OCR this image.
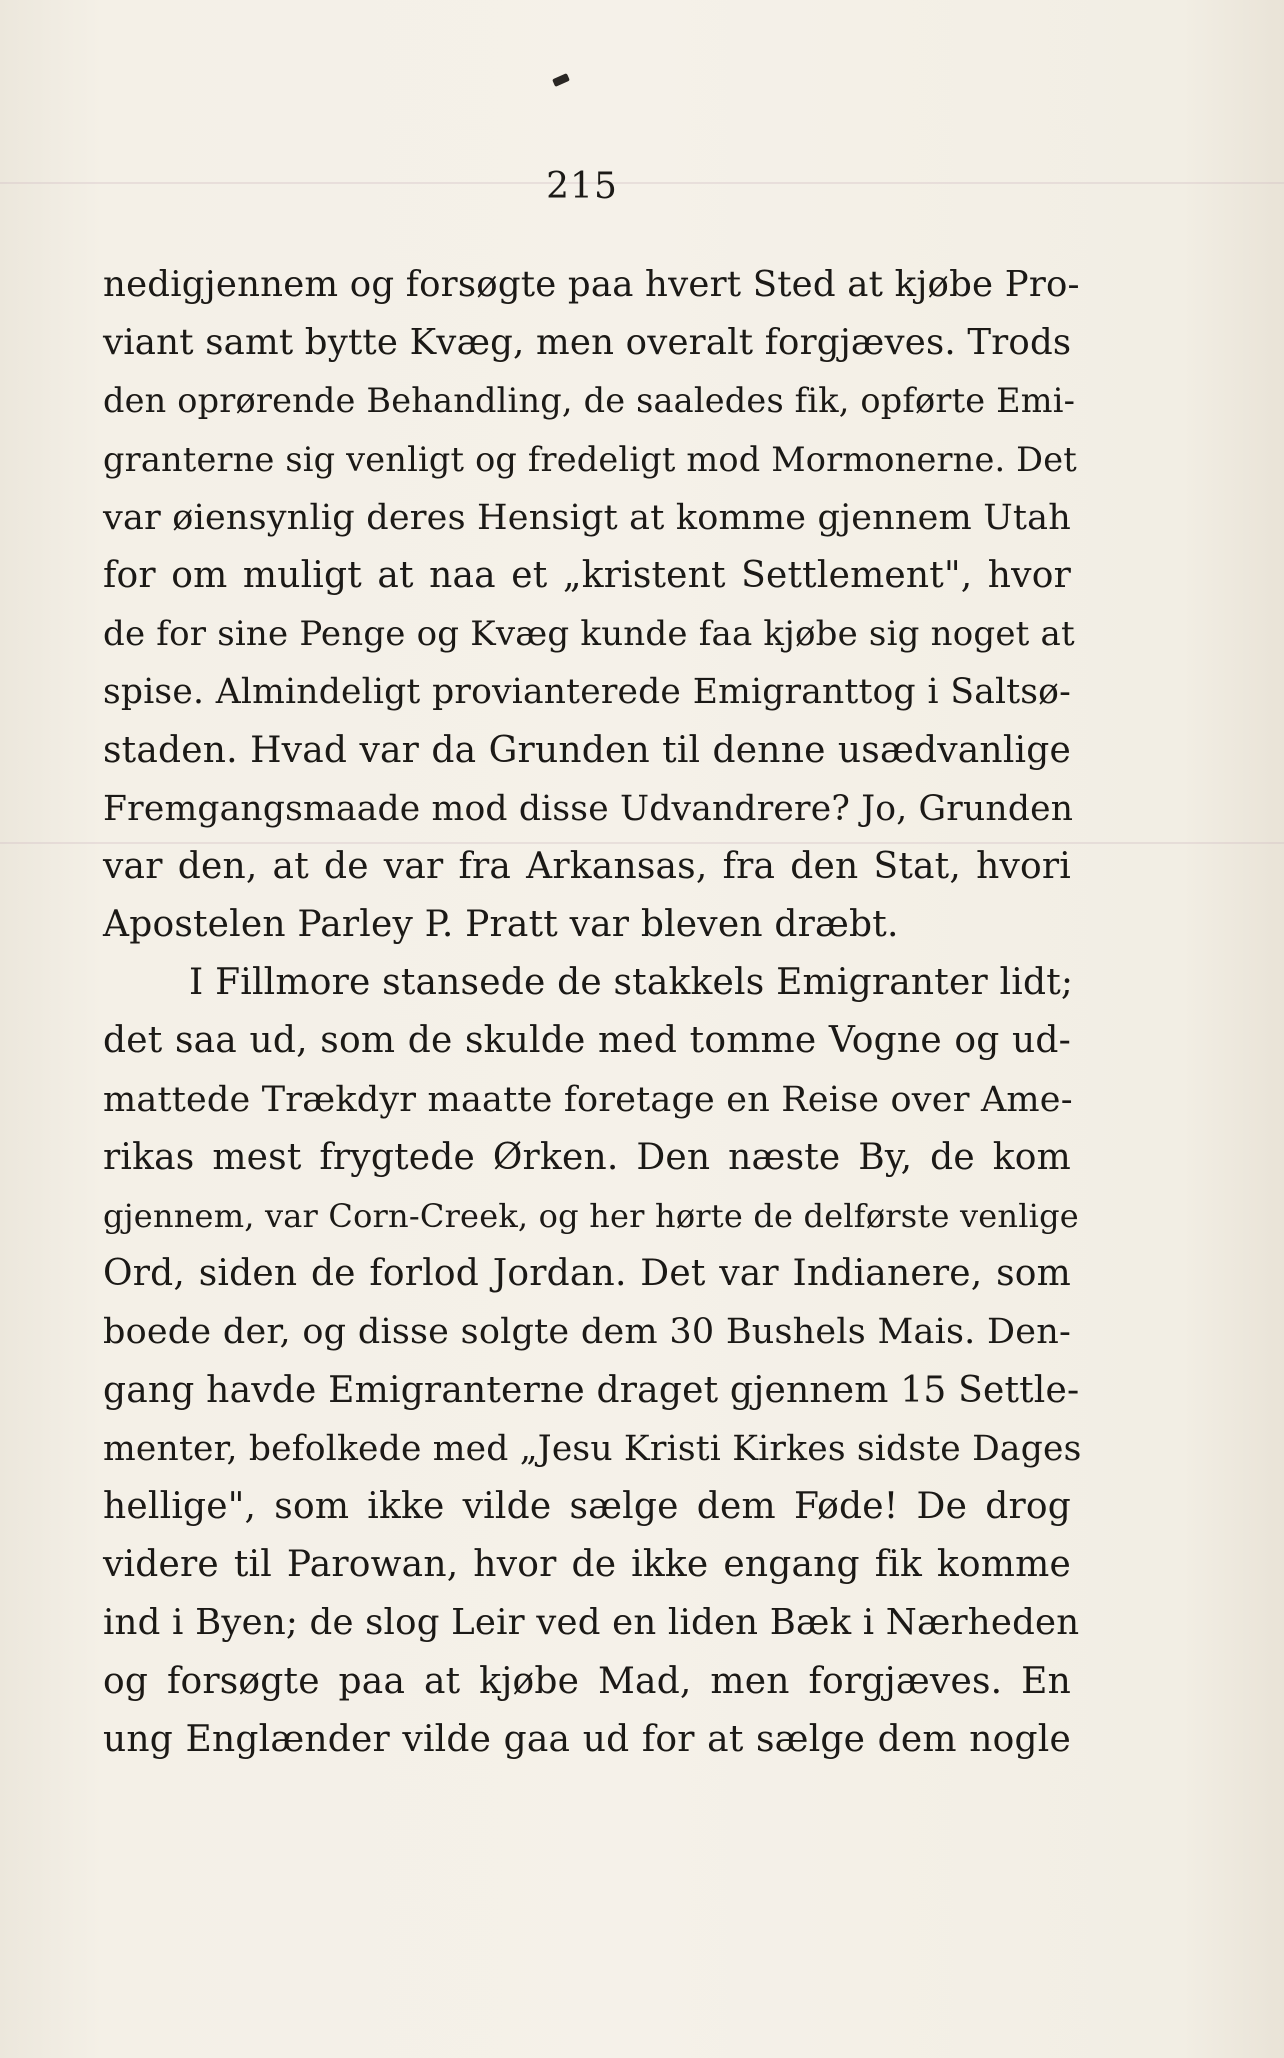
215
nedigjennem og forsøgte paa hvert Sted at kjøbe Pro-
viant samt bytte Kvæg, men overalt forgjæves. Trods
den oprørende Behandling, de saaledes fik, opførte Emi-
granterne sig venligt og fredeligt mod Mormonerne. Det
var øiensynlig deres Hensigt at komme gjennem Utah
for om muligt at naa et „kristent Settlement", hvor
de for sine Penge og Kvæg kunde faa kjøbe sig noget at
spise. Almindeligt provianterede Emigranttog i Saltsø-
staden. Hvad var da Grunden til denne usædvanlige
Fremgangsmaade mod disse Udvandrere? Jo, Grunden
var den, at de var fra Arkansas, fra den Stat, hvori
Apostelen Parley P. Pratt var bleven dræbt.
I Fillmore stansede de stakkels Emigranter lidt;
det saa ud, som de skulde med tomme Vogne og ud-
mattede Trækdyr maatte foretage en Reise over Ame-
rikas mest frygtede Ørken. Den næste By, de kom
gjennem, var Corn-Creek, og her hørte de delførste venlige
Ord, siden de forlod Jordan. Det var Indianere, som
boede der, og disse solgte dem 30 Bushels Mais. Den-
gang havde Emigranterne draget gjennem 15 Settle-
menter, befolkede med „Jesu Kristi Kirkes sidste Dages
hellige", som ikke vilde sælge dem Føde! De drog
videre til Parowan, hvor de ikke engang fik komme
ind i Byen; de slog Leir ved en liden Bæk i Nærheden
og forsøgte paa at kjøbe Mad, men forgjæves. En
ung Englænder vilde gaa ud for at sælge dem nogle
